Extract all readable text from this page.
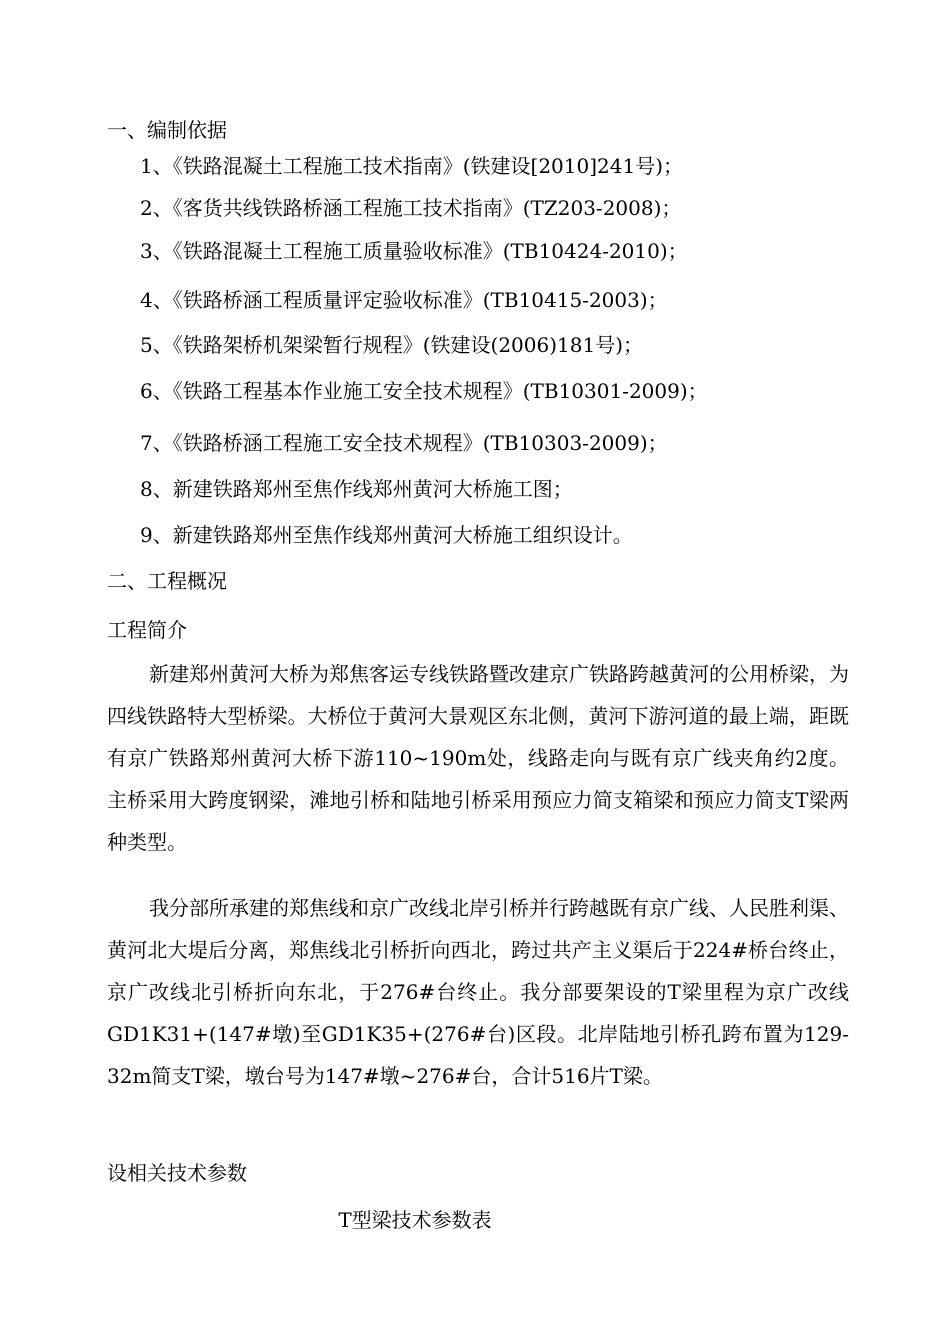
一、编制依据
1、《铁路混凝土工程施工技术指南》(铁建设[2010]241号)；
2、《客货共线铁路桥涵工程施工技术指南》(TZ203-2008)；
3、《铁路混凝土工程施工质量验收标准》(TB10424-2010)；
4、《铁路桥涵工程质量评定验收标准》(TB10415-2003)；
5、《铁路架桥机架梁暂行规程》(铁建设(2006)181号)；
6、《铁路工程基本作业施工安全技术规程》(TB10301-2009)；
7、《铁路桥涵工程施工安全技术规程》(TB10303-2009)；
8、新建铁路郑州至焦作线郑州黄河大桥施工图；
9、新建铁路郑州至焦作线郑州黄河大桥施工组织设计。
二、工程概况
工程简介
新建郑州黄河大桥为郑焦客运专线铁路暨改建京广铁路跨越黄河的公用桥梁，为四线铁路特大型桥梁。大桥位于黄河大景观区东北侧，黄河下游河道的最上端，距既有京广铁路郑州黄河大桥下游110~190m处，线路走向与既有京广线夹角约2度。主桥采用大跨度钢梁，滩地引桥和陆地引桥采用预应力简支箱梁和预应力简支T梁两种类型。
我分部所承建的郑焦线和京广改线北岸引桥并行跨越既有京广线、人民胜利渠、黄河北大堤后分离，郑焦线北引桥折向西北，跨过共产主义渠后于224#桥台终止，京广改线北引桥折向东北，于276#台终止。我分部要架设的T梁里程为京广改线GD1K31+(147#墩)至GD1K35+(276#台)区段。北岸陆地引桥孔跨布置为129-32m简支T梁，墩台号为147#墩~276#台，合计516片T梁。
设相关技术参数
T型梁技术参数表
